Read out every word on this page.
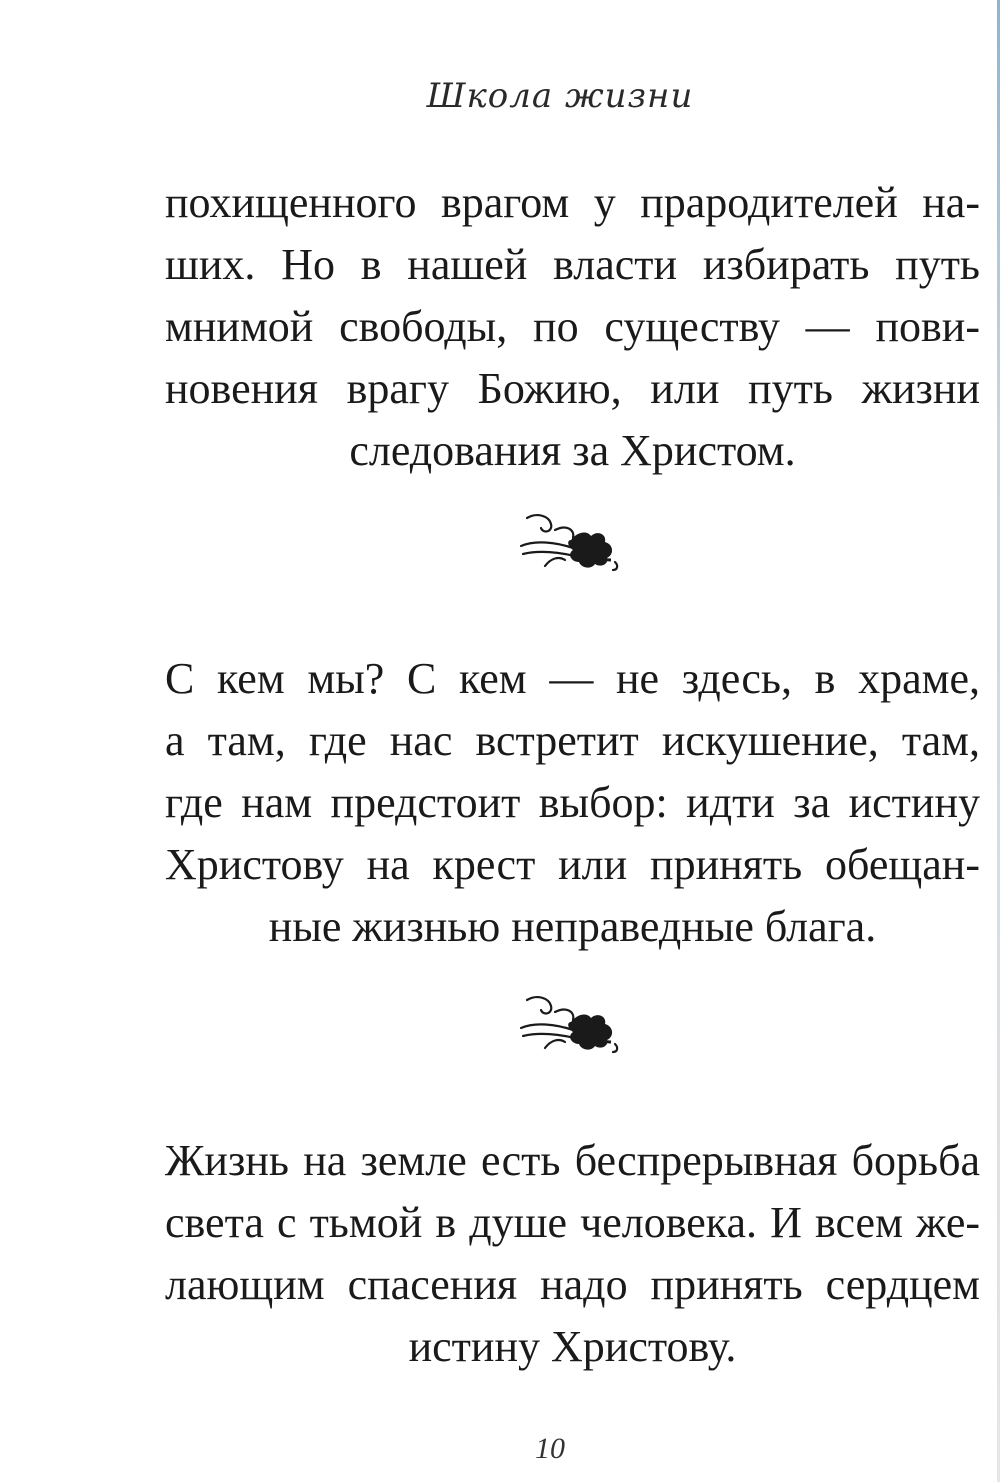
Школа жизни

похищенного врагом у прародителей на-
ших. Но в нашей власти избирать путь
мнимой свободы, по существу — пови-
новения врагу Божию, или путь жизни
следования за Христом.

С кем мы? С кем — не здесь, в храме,
а там, где нас встретит искушение, там,
где нам предстоит выбор: идти за истину
Христову на крест или принять обещан-
ные жизнью неправедные блага.

Жизнь на земле есть беспрерывная борьба
света с тьмой в душе человека. И всем же-
лающим спасения надо принять сердцем
истину Христову.

10
